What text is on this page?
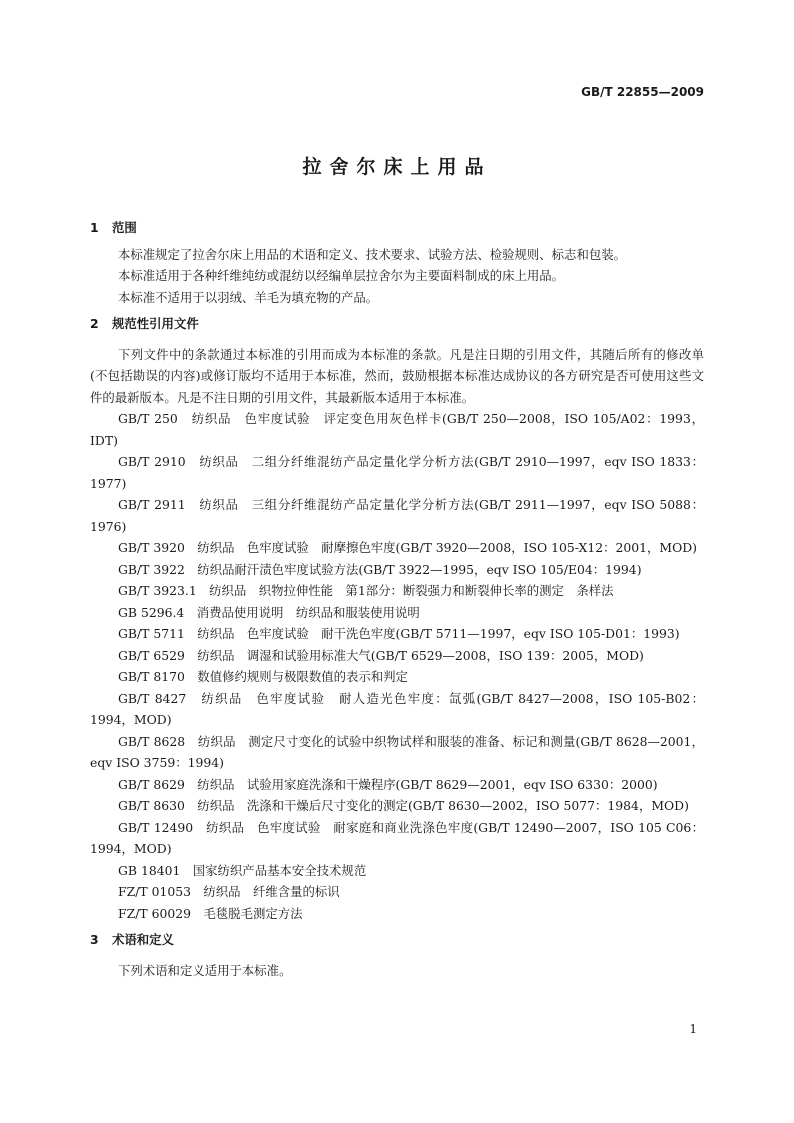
GB/T 22855—2009
拉舍尔床上用品

1 范围

本标准规定了拉舍尔床上用品的术语和定义、技术要求、试验方法、检验规则、标志和包装。

本标准适用于各种纤维纯纺或混纺以经编单层拉舍尔为主要面料制成的床上用品。

本标准不适用于以羽绒、羊毛为填充物的产品。

2 规范性引用文件

下列文件中的条款通过本标准的引用而成为本标准的条款。凡是注日期的引用文件，其随后所有的修改单(不包括勘误的内容)或修订版均不适用于本标准，然而，鼓励根据本标准达成协议的各方研究是否可使用这些文件的最新版本。凡是不注日期的引用文件，其最新版本适用于本标准。

GB/T 250　纺织品　色牢度试验　评定变色用灰色样卡(GB/T 250—2008，ISO 105/A02：1993，IDT)

GB/T 2910　纺织品　二组分纤维混纺产品定量化学分析方法(GB/T 2910—1997，eqv ISO 1833：1977)

GB/T 2911　纺织品　三组分纤维混纺产品定量化学分析方法(GB/T 2911—1997，eqv ISO 5088：1976)

GB/T 3920　纺织品　色牢度试验　耐摩擦色牢度(GB/T 3920—2008，ISO 105-X12：2001，MOD)

GB/T 3922　纺织品耐汗渍色牢度试验方法(GB/T 3922—1995，eqv ISO 105/E04：1994)

GB/T 3923.1　纺织品　织物拉伸性能　第1部分：断裂强力和断裂伸长率的测定　条样法

GB 5296.4　消费品使用说明　纺织品和服装使用说明

GB/T 5711　纺织品　色牢度试验　耐干洗色牢度(GB/T 5711—1997，eqv ISO 105-D01：1993)

GB/T 6529　纺织品　调湿和试验用标准大气(GB/T 6529—2008，ISO 139：2005，MOD)

GB/T 8170　数值修约规则与极限数值的表示和判定

GB/T 8427　纺织品　色牢度试验　耐人造光色牢度：氙弧(GB/T 8427—2008，ISO 105-B02：1994，MOD)

GB/T 8628　纺织品　测定尺寸变化的试验中织物试样和服装的准备、标记和测量(GB/T 8628—2001，eqv ISO 3759：1994)

GB/T 8629　纺织品　试验用家庭洗涤和干燥程序(GB/T 8629—2001，eqv ISO 6330：2000)

GB/T 8630　纺织品　洗涤和干燥后尺寸变化的测定(GB/T 8630—2002，ISO 5077：1984，MOD)

GB/T 12490　纺织品　色牢度试验　耐家庭和商业洗涤色牢度(GB/T 12490—2007，ISO 105 C06：1994，MOD)

GB 18401　国家纺织产品基本安全技术规范

FZ/T 01053　纺织品　纤维含量的标识

FZ/T 60029　毛毯脱毛测定方法

3 术语和定义

下列术语和定义适用于本标准。

1
